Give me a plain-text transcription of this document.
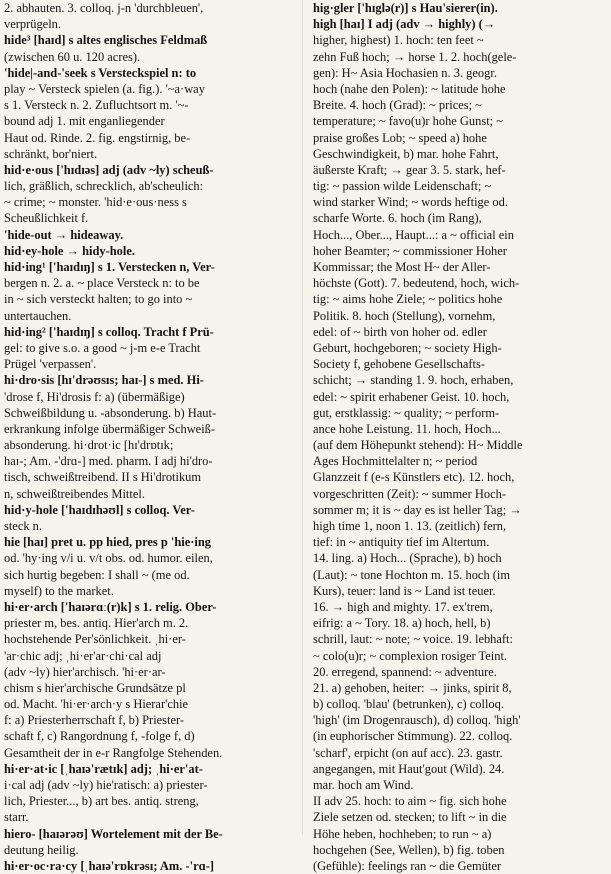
2. abhauten. 3. colloq. j-n 'durchbleuen',
verprügeln.
hide³ [haɪd] s altes englisches Feldmaß
(zwischen 60 u. 120 acres).
'hide|-and-'seek s Versteckspiel n: to
play ~ Versteck spielen (a. fig.). '~a·way
s 1. Versteck n. 2. Zufluchtsort m. '~-
bound adj 1. mit enganliegender
Haut od. Rinde. 2. fig. engstirnig, be-
schränkt, bor'niert.
hid·e·ous ['hɪdɪəs] adj (adv ~ly) scheuß-
lich, gräßlich, schrecklich, ab'scheulich:
~ crime; ~ monster. 'hid·e·ous·ness s
Scheußlichkeit f.
'hide-out → hideaway.
hid·ey-hole → hidy-hole.
hid·ing¹ ['haɪdɪŋ] s 1. Verstecken n, Ver-
bergen n. 2. a. ~ place Versteck n: to be
in ~ sich versteckt halten; to go into ~
untertauchen.
hid·ing² ['haɪdɪŋ] s colloq. Tracht f Prü-
gel: to give s.o. a good ~ j-m e-e Tracht
Prügel 'verpassen'.
hi·dro·sis [hɪ'drəʊsɪs; haɪ-] s med. Hi-
'drose f, Hi'drosis f: a) (übermäßige)
Schweißbildung u. -absonderung. b) Haut-
erkrankung infolge übermäßiger Schweiß-
absonderung. hi·drot·ic [hɪ'drɒtɪk;
haɪ-; Am. -'drɑ-] med. pharm. I adj hi'dro-
tisch, schweißtreibend. II s Hi'drotikum
n, schweißtreibendes Mittel.
hid·y-hole ['haɪdɪhəʊl] s colloq. Ver-
steck n.
hie [haɪ] pret u. pp hied, pres p 'hie·ing
od. 'hy·ing v/i u. v/t obs. od. humor. eilen,
sich hurtig begeben: I shall ~ (me od.
myself) to the market.
hi·er·arch ['haɪərɑː(r)k] s 1. relig. Ober-
priester m, bes. antiq. Hier'arch m. 2.
hochstehende Per'sönlichkeit. ˌhi·er-
'ar·chic adj; ˌhi·er'ar·chi·cal adj
(adv ~ly) hier'archisch. 'hi·er·ar-
chism s hier'archische Grundsätze pl
od. Macht. 'hi·er·arch·y s Hierar'chie
f: a) Priesterherrschaft f, b) Priester-
schaft f, c) Rangordnung f, -folge f, d)
Gesamtheit der in e-r Rangfolge Stehenden.
hi·er·at·ic [ˌhaɪə'rætɪk] adj; ˌhi·er'at-
i·cal adj (adv ~ly) hie'ratisch: a) priester-
lich, Priester..., b) art bes. antiq. streng,
starr.
hiero- [haɪərəʊ] Wortelement mit der Be-
deutung heilig.
hi·er·oc·ra·cy [ˌhaɪə'rɒkrəsɪ; Am. -'rɑ-]
hig·gler ['hɪglə(r)] s Hau'sierer(in).
high [haɪ] I adj (adv → highly) (→
higher, highest) 1. hoch: ten feet ~
zehn Fuß hoch; → horse 1. 2. hoch(gele-
gen): H~ Asia Hochasien n. 3. geogr.
hoch (nahe den Polen): ~ latitude hohe
Breite. 4. hoch (Grad): ~ prices; ~
temperature; ~ favo(u)r hohe Gunst; ~
praise großes Lob; ~ speed a) hohe
Geschwindigkeit, b) mar. hohe Fahrt,
äußerste Kraft; → gear 3. 5. stark, hef-
tig: ~ passion wilde Leidenschaft; ~
wind starker Wind; ~ words heftige od.
scharfe Worte. 6. hoch (im Rang),
Hoch..., Ober..., Haupt...: a ~ official ein
hoher Beamter; ~ commissioner Hoher
Kommissar; the Most H~ der Aller-
höchste (Gott). 7. bedeutend, hoch, wich-
tig: ~ aims hohe Ziele; ~ politics hohe
Politik. 8. hoch (Stellung), vornehm,
edel: of ~ birth von hoher od. edler
Geburt, hochgeboren; ~ society High-
Society f, gehobene Gesellschafts-
schicht; → standing 1. 9. hoch, erhaben,
edel: ~ spirit erhabener Geist. 10. hoch,
gut, erstklassig: ~ quality; ~ perform-
ance hohe Leistung. 11. hoch, Hoch...
(auf dem Höhepunkt stehend): H~ Middle
Ages Hochmittelalter n; ~ period
Glanzzeit f (e-s Künstlers etc). 12. hoch,
vorgeschritten (Zeit): ~ summer Hoch-
sommer m; it is ~ day es ist heller Tag; →
high time 1, noon 1. 13. (zeitlich) fern,
tief: in ~ antiquity tief im Altertum.
14. ling. a) Hoch... (Sprache), b) hoch
(Laut): ~ tone Hochton m. 15. hoch (im
Kurs), teuer: land is ~ Land ist teuer.
16. → high and mighty. 17. ex'trem,
eifrig: a ~ Tory. 18. a) hoch, hell, b)
schrill, laut: ~ note; ~ voice. 19. lebhaft:
~ colo(u)r; ~ complexion rosiger Teint.
20. erregend, spannend: ~ adventure.
21. a) gehoben, heiter: → jinks, spirit 8,
b) colloq. 'blau' (betrunken), c) colloq.
'high' (im Drogenrausch), d) colloq. 'high'
(in euphorischer Stimmung). 22. colloq.
'scharf', erpicht (on auf acc). 23. gastr.
angegangen, mit Haut'gout (Wild). 24.
mar. hoch am Wind.
II adv 25. hoch: to aim ~ fig. sich hohe
Ziele setzen od. stecken; to lift ~ in die
Höhe heben, hochheben; to run ~ a)
hochgehen (See, Wellen), b) fig. toben
(Gefühle): feelings ran ~ die Gemüter
